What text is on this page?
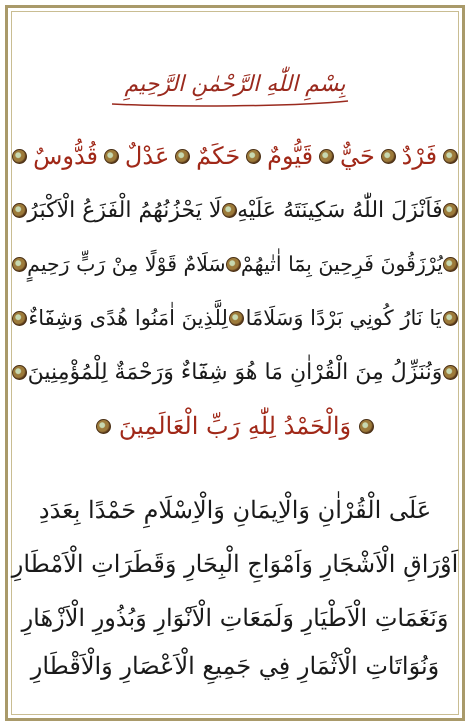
بِسْمِ اللّٰهِ الرَّحْمٰنِ الرَّحِيمِ
فَرْدٌ
حَيٌّ
قَيُّومٌ
حَكَمٌ
عَدْلٌ
قُدُّوسٌ
فَاَنْزَلَ اللّٰهُ سَكِينَتَهُ عَلَيْهِ
لَا يَحْزُنُهُمُ الْفَزَعُ الْاَكْبَرُ
يُرْزَقُونَ فَرِحِينَ بِمَٓا اٰتٰيهُمْ
سَلَامٌ قَوْلًا مِنْ رَبٍّ رَحِيمٍ
يَا نَارُ كُونِي بَرْدًا وَسَلَامًا
لِلَّذِينَ اٰمَنُوا هُدًى وَشِفَٓاءٌ
وَنُنَزِّلُ مِنَ الْقُرْاٰنِ مَا هُوَ شِفَٓاءٌ وَرَحْمَةٌ لِلْمُؤْمِنِينَ
وَالْحَمْدُ لِلّٰهِ رَبِّ الْعَالَمِينَ
عَلَى الْقُرْاٰنِ وَالْاِيمَانِ وَالْاِسْلَامِ حَمْدًا بِعَدَدِ
اَوْرَاقِ الْاَشْجَارِ وَاَمْوَاجِ الْبِحَارِ وَقَطَرَاتِ الْاَمْطَارِ
وَنَغَمَاتِ الْاَطْيَارِ وَلَمَعَاتِ الْاَنْوَارِ وَبُذُورِ الْاَزْهَارِ
وَنُوَاتَاتِ الْاَثْمَارِ فِي جَمِيعِ الْاَعْصَارِ وَالْاَقْطَارِ
